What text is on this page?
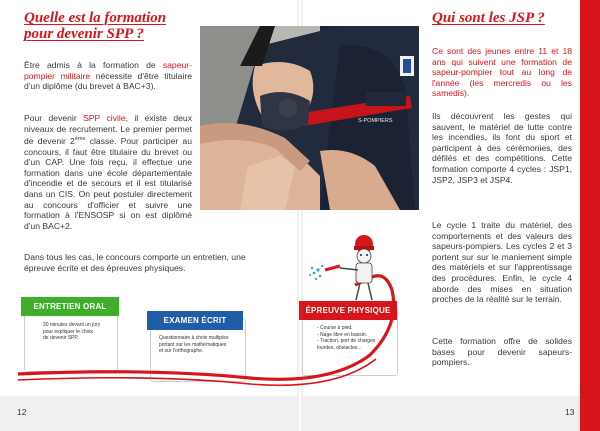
Quelle est la formation
pour devenir SPP ?

Être admis à la formation de sapeur-pompier militaire nécessite d'être titulaire d'un diplôme (du brevet à BAC+3).

Pour devenir SPP civile, il existe deux niveaux de recrutement. Le premier permet de devenir 2ème classe. Pour participer au concours, il faut être titulaire du brevet ou d'un CAP. Une fois reçu, il effectue une formation dans une école départementale d'incendie et de secours et il est titularisé dans un CIS. On peut postuler directement au concours d'officier et suivre une formation à l'ENSOSP si on est diplômé d'un BAC+2.

Dans tous les cas, le concours comporte un entretien, une épreuve écrite et des épreuves physiques.

S-POMPIERS
ENTRETIEN ORAL
20 minutes devant un jury
pour expliquer le choix
de devenir SPP.
EXAMEN ÉCRIT
Questionnaire à choix multiples
portant sur les mathématiques
et sur l'orthographe.
ÉPREUVE PHYSIQUE
- Course à pied.
- Nage libre en bassin.
- Traction, port de charges
lourdes, obstacles...
Qui sont les JSP ?

Ce sont des jeunes entre 11 et 18 ans qui suivent une formation de sapeur-pompier tout au long de l'année (les mercredis ou les samedis).

Ils découvrent les gestes qui sauvent, le matériel de lutte contre les incendies, ils font du sport et participent à des cérémonies, des défilés et des compétitions. Cette formation comporte 4 cycles : JSP1, JSP2, JSP3 et JSP4.

Le cycle 1 traite du matériel, des comportements et des valeurs des sapeurs-pompiers. Les cycles 2 et 3 portent sur sur le maniement simple des matériels et sur l'apprentissage des procédures. Enfin, le cycle 4 aborde des mises en situation proches de la réalité sur le terrain.

Cette formation offre de solides bases pour devenir sapeurs-pompiers.

12	13
